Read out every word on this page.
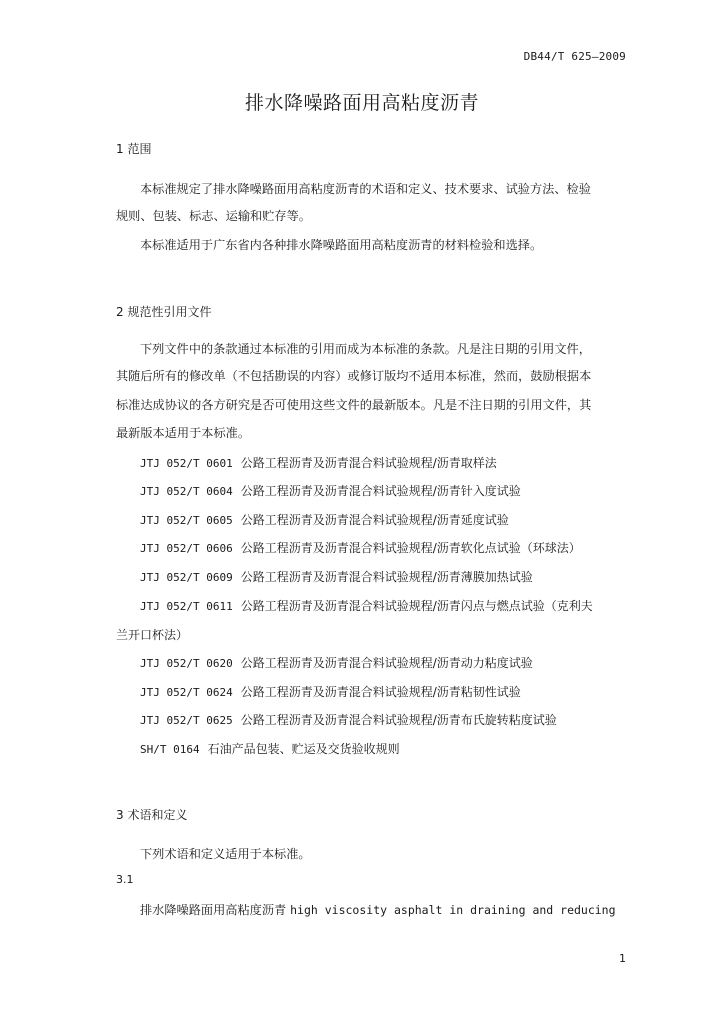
DB44/T 625—2009
排水降噪路面用高粘度沥青
1 范围
本标准规定了排水降噪路面用高粘度沥青的术语和定义、技术要求、试验方法、检验
规则、包装、标志、运输和贮存等。
本标准适用于广东省内各种排水降噪路面用高粘度沥青的材料检验和选择。
2 规范性引用文件
下列文件中的条款通过本标准的引用而成为本标准的条款。凡是注日期的引用文件，
其随后所有的修改单（不包括勘误的内容）或修订版均不适用本标准，然而，鼓励根据本
标准达成协议的各方研究是否可使用这些文件的最新版本。凡是不注日期的引用文件，其
最新版本适用于本标准。
JTJ 052/T 0601 公路工程沥青及沥青混合料试验规程/沥青取样法
JTJ 052/T 0604 公路工程沥青及沥青混合料试验规程/沥青针入度试验
JTJ 052/T 0605 公路工程沥青及沥青混合料试验规程/沥青延度试验
JTJ 052/T 0606 公路工程沥青及沥青混合料试验规程/沥青软化点试验（环球法）
JTJ 052/T 0609 公路工程沥青及沥青混合料试验规程/沥青薄膜加热试验
JTJ 052/T 0611 公路工程沥青及沥青混合料试验规程/沥青闪点与燃点试验（克利夫
兰开口杯法）
JTJ 052/T 0620 公路工程沥青及沥青混合料试验规程/沥青动力粘度试验
JTJ 052/T 0624 公路工程沥青及沥青混合料试验规程/沥青粘韧性试验
JTJ 052/T 0625 公路工程沥青及沥青混合料试验规程/沥青布氏旋转粘度试验
SH/T 0164 石油产品包装、贮运及交货验收规则
3 术语和定义
下列术语和定义适用于本标准。
3.1
排水降噪路面用高粘度沥青 high viscosity asphalt in draining and reducing
1
